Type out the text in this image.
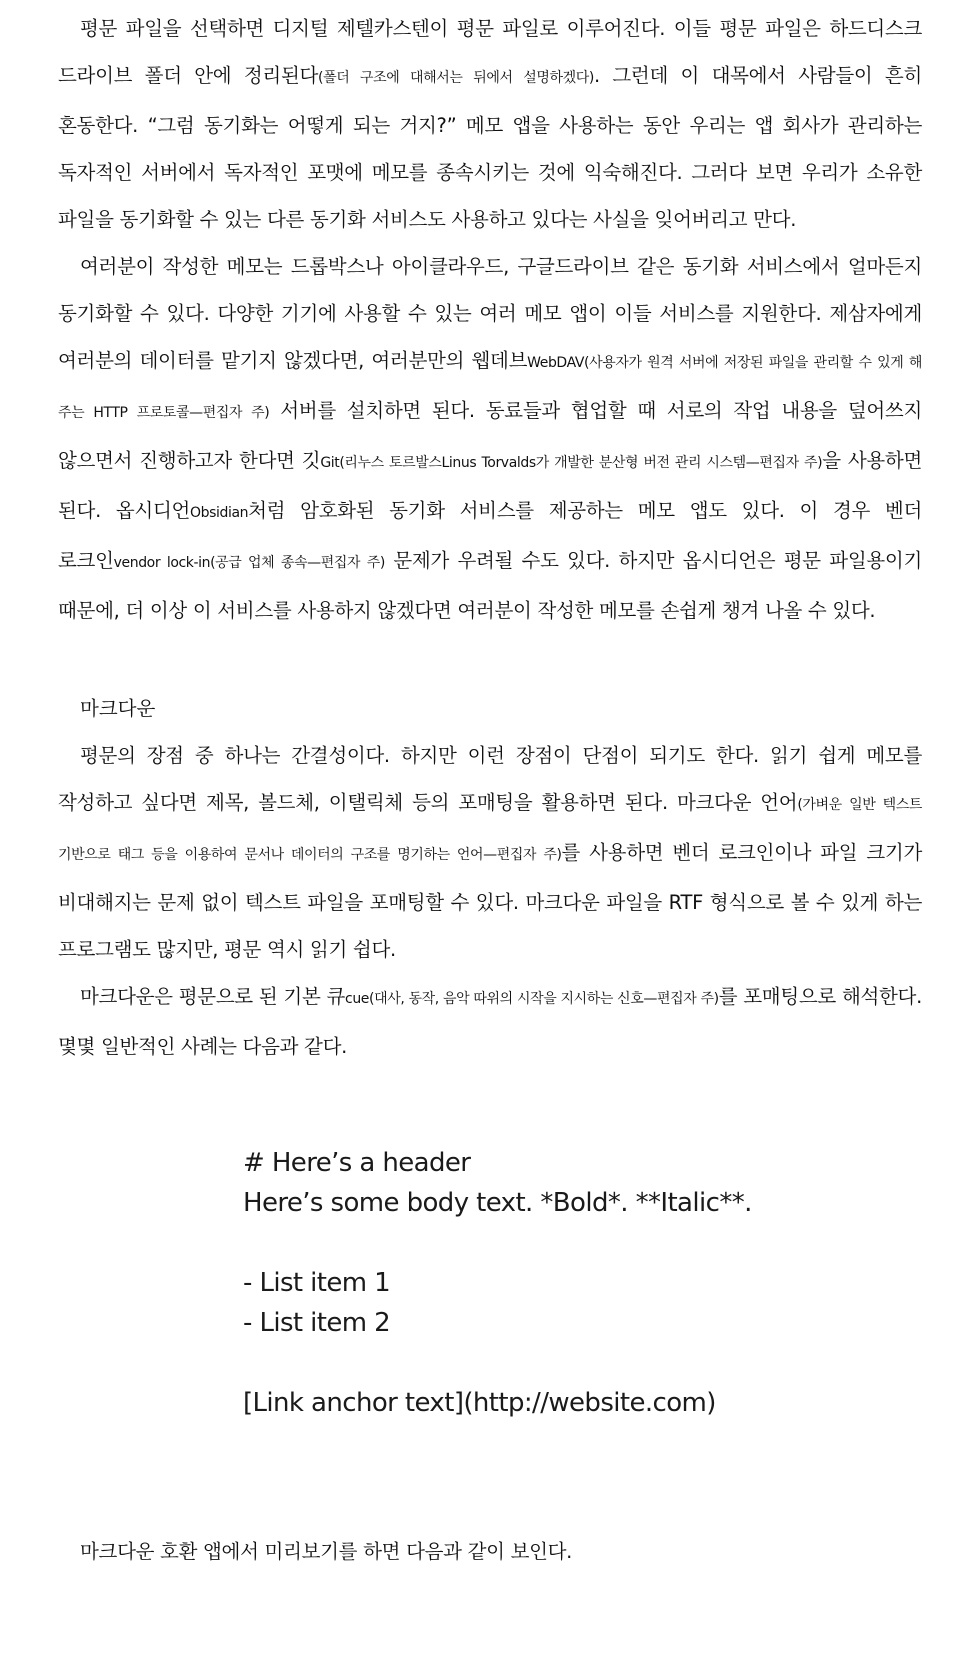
평문 파일을 선택하면 디지털 제텔카스텐이 평문 파일로 이루어진다. 이들 평문 파일은 하드디스크 드라이브 폴더 안에 정리된다(폴더 구조에 대해서는 뒤에서 설명하겠다). 그런데 이 대목에서 사람들이 흔히 혼동한다. “그럼 동기화는 어떻게 되는 거지?” 메모 앱을 사용하는 동안 우리는 앱 회사가 관리하는 독자적인 서버에서 독자적인 포맷에 메모를 종속시키는 것에 익숙해진다. 그러다 보면 우리가 소유한 파일을 동기화할 수 있는 다른 동기화 서비스도 사용하고 있다는 사실을 잊어버리고 만다.

여러분이 작성한 메모는 드롭박스나 아이클라우드, 구글드라이브 같은 동기화 서비스에서 얼마든지 동기화할 수 있다. 다양한 기기에 사용할 수 있는 여러 메모 앱이 이들 서비스를 지원한다. 제삼자에게 여러분의 데이터를 맡기지 않겠다면, 여러분만의 웹데브WebDAV(사용자가 원격 서버에 저장된 파일을 관리할 수 있게 해 주는 HTTP 프로토콜—편집자 주) 서버를 설치하면 된다. 동료들과 협업할 때 서로의 작업 내용을 덮어쓰지 않으면서 진행하고자 한다면 깃Git(리누스 토르발스Linus Torvalds가 개발한 분산형 버전 관리 시스템—편집자 주)을 사용하면 된다. 옵시디언Obsidian처럼 암호화된 동기화 서비스를 제공하는 메모 앱도 있다. 이 경우 벤더 로크인vendor lock-in(공급 업체 종속—편집자 주) 문제가 우려될 수도 있다. 하지만 옵시디언은 평문 파일용이기 때문에, 더 이상 이 서비스를 사용하지 않겠다면 여러분이 작성한 메모를 손쉽게 챙겨 나올 수 있다.

마크다운

평문의 장점 중 하나는 간결성이다. 하지만 이런 장점이 단점이 되기도 한다. 읽기 쉽게 메모를 작성하고 싶다면 제목, 볼드체, 이탤릭체 등의 포매팅을 활용하면 된다. 마크다운 언어(가벼운 일반 텍스트 기반으로 태그 등을 이용하여 문서나 데이터의 구조를 명기하는 언어—편집자 주)를 사용하면 벤더 로크인이나 파일 크기가 비대해지는 문제 없이 텍스트 파일을 포매팅할 수 있다. 마크다운 파일을 RTF 형식으로 볼 수 있게 하는 프로그램도 많지만, 평문 역시 읽기 쉽다.

마크다운은 평문으로 된 기본 큐cue(대사, 동작, 음악 따위의 시작을 지시하는 신호—편집자 주)를 포매팅으로 해석한다. 몇몇 일반적인 사례는 다음과 같다.

# Here’s a header
Here’s some body text. *Bold*. **Italic**.
- List item 1
- List item 2
[Link anchor text](http://website.com)

마크다운 호환 앱에서 미리보기를 하면 다음과 같이 보인다.
